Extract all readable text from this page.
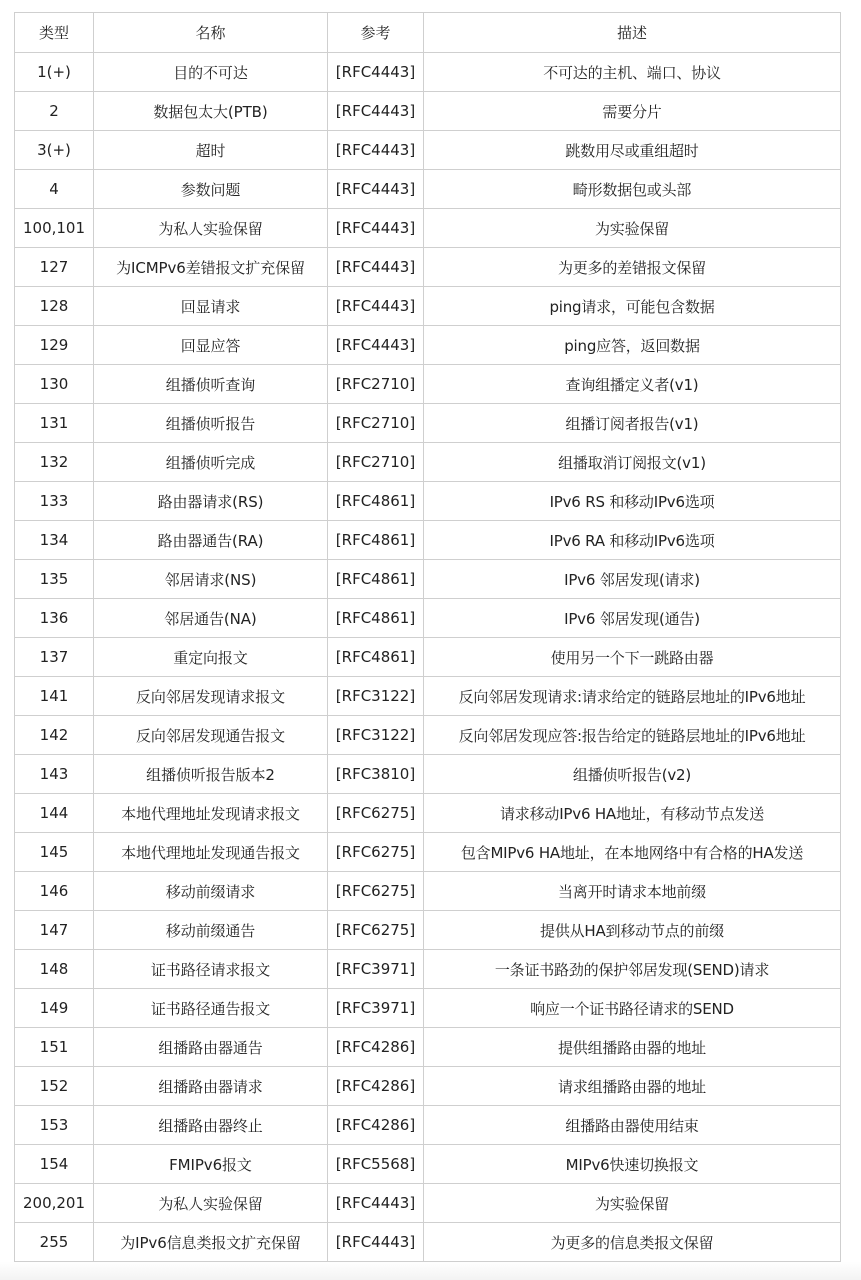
类型	名称	参考	描述
1(+)	目的不可达	[RFC4443]	不可达的主机、端口、协议
2	数据包太大(PTB)	[RFC4443]	需要分片
3(+)	超时	[RFC4443]	跳数用尽或重组超时
4	参数问题	[RFC4443]	畸形数据包或头部
100,101	为私人实验保留	[RFC4443]	为实验保留
127	为ICMPv6差错报文扩充保留	[RFC4443]	为更多的差错报文保留
128	回显请求	[RFC4443]	ping请求，可能包含数据
129	回显应答	[RFC4443]	ping应答，返回数据
130	组播侦听查询	[RFC2710]	查询组播定义者(v1)
131	组播侦听报告	[RFC2710]	组播订阅者报告(v1)
132	组播侦听完成	[RFC2710]	组播取消订阅报文(v1)
133	路由器请求(RS)	[RFC4861]	IPv6 RS 和移动IPv6选项
134	路由器通告(RA)	[RFC4861]	IPv6 RA 和移动IPv6选项
135	邻居请求(NS)	[RFC4861]	IPv6 邻居发现(请求)
136	邻居通告(NA)	[RFC4861]	IPv6 邻居发现(通告)
137	重定向报文	[RFC4861]	使用另一个下一跳路由器
141	反向邻居发现请求报文	[RFC3122]	反向邻居发现请求:请求给定的链路层地址的IPv6地址
142	反向邻居发现通告报文	[RFC3122]	反向邻居发现应答:报告给定的链路层地址的IPv6地址
143	组播侦听报告版本2	[RFC3810]	组播侦听报告(v2)
144	本地代理地址发现请求报文	[RFC6275]	请求移动IPv6 HA地址，有移动节点发送
145	本地代理地址发现通告报文	[RFC6275]	包含MIPv6 HA地址，在本地网络中有合格的HA发送
146	移动前缀请求	[RFC6275]	当离开时请求本地前缀
147	移动前缀通告	[RFC6275]	提供从HA到移动节点的前缀
148	证书路径请求报文	[RFC3971]	一条证书路劲的保护邻居发现(SEND)请求
149	证书路径通告报文	[RFC3971]	响应一个证书路径请求的SEND
151	组播路由器通告	[RFC4286]	提供组播路由器的地址
152	组播路由器请求	[RFC4286]	请求组播路由器的地址
153	组播路由器终止	[RFC4286]	组播路由器使用结束
154	FMIPv6报文	[RFC5568]	MIPv6快速切换报文
200,201	为私人实验保留	[RFC4443]	为实验保留
255	为IPv6信息类报文扩充保留	[RFC4443]	为更多的信息类报文保留
